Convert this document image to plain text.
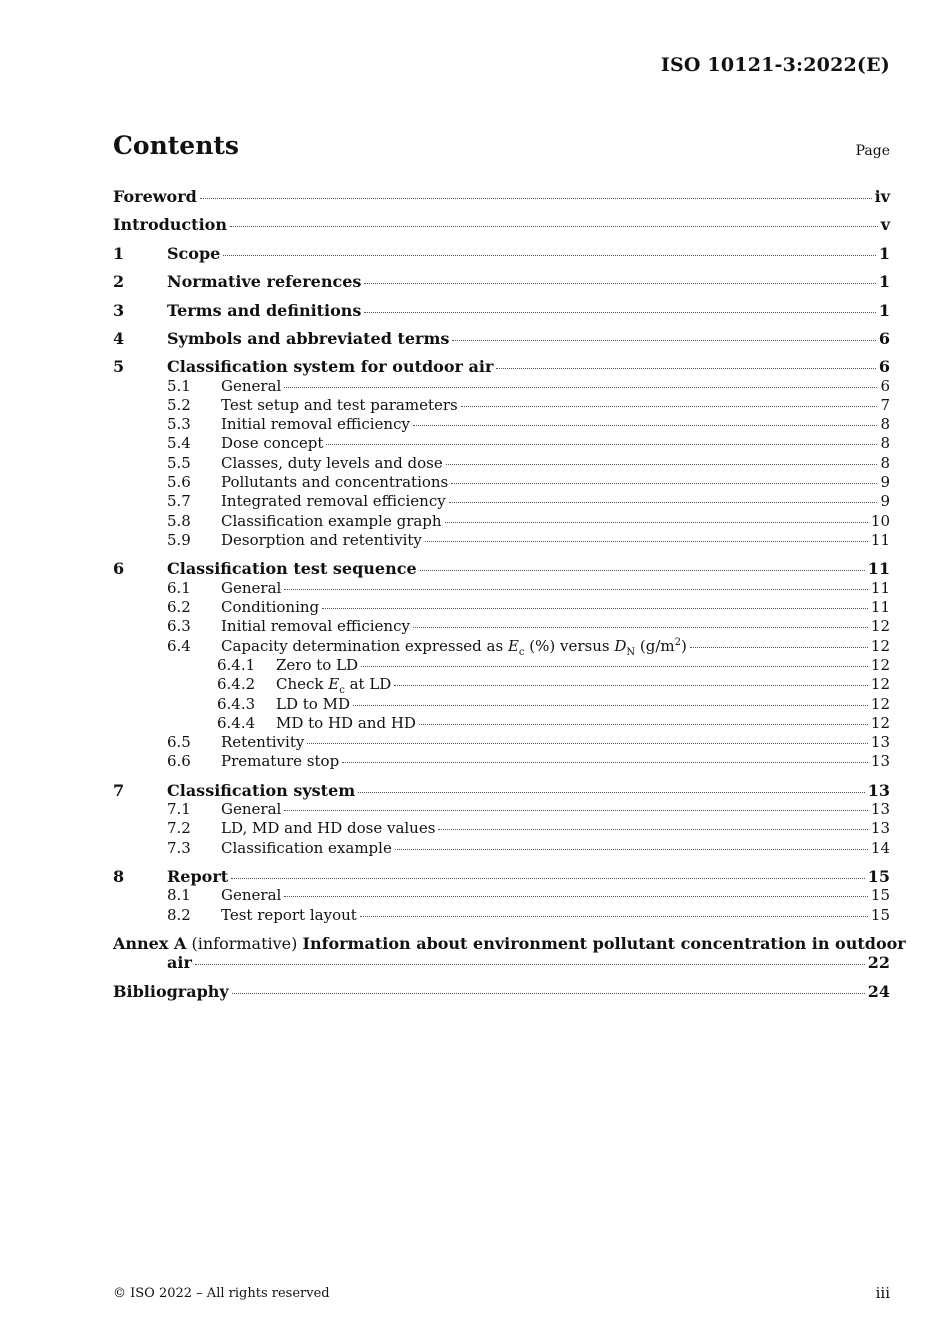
ISO 10121-3:2022(E)
Contents	Page
Foreword	iv
Introduction	v
1	Scope	1
2	Normative references	1
3	Terms and definitions	1
4	Symbols and abbreviated terms	6
5	Classification system for outdoor air	6
5.1	General	6
5.2	Test setup and test parameters	7
5.3	Initial removal efficiency	8
5.4	Dose concept	8
5.5	Classes, duty levels and dose	8
5.6	Pollutants and concentrations	9
5.7	Integrated removal efficiency	9
5.8	Classification example graph	10
5.9	Desorption and retentivity	11
6	Classification test sequence	11
6.1	General	11
6.2	Conditioning	11
6.3	Initial removal efficiency	12
6.4	Capacity determination expressed as $E_c$ (%) versus $D_N$ $(g/m^2)$	12
6.4.1	Zero to LD	12
6.4.2	Check $E_c$ at LD	12
6.4.3	LD to MD	12
6.4.4	MD to HD and HD	12
6.5	Retentivity	13
6.6	Premature stop	13
7	Classification system	13
7.1	General	13
7.2	LD, MD and HD dose values	13
7.3	Classification example	14
8	Report	15
8.1	General	15
8.2	Test report layout	15
Annex A (informative) Information about environment pollutant concentration in outdoor
air	22
Bibliography	24
© ISO 2022 – All rights reserved	iii
